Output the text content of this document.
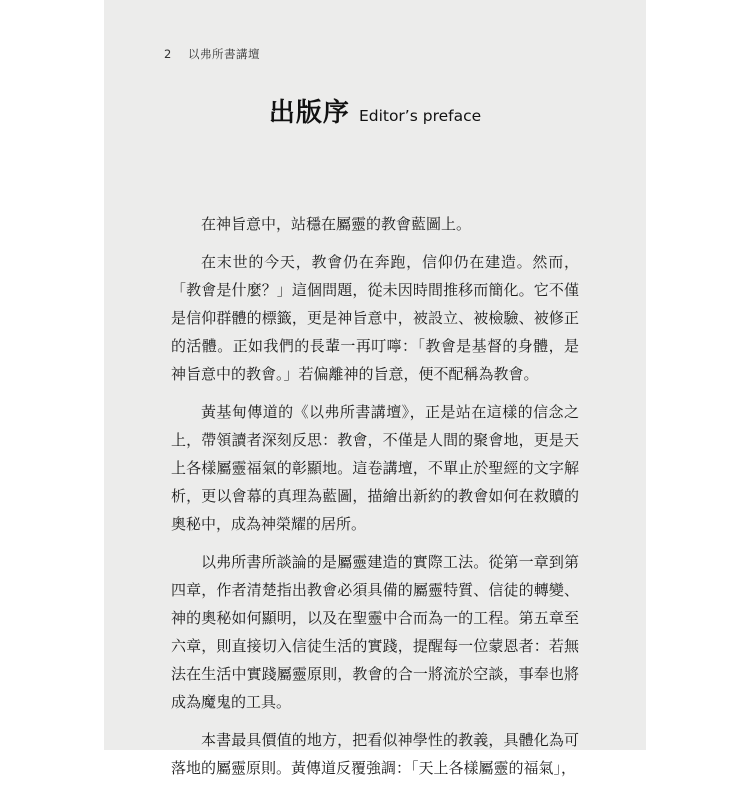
2 以弗所書講壇
出版序 Editor’s preface

在神旨意中，站穩在屬靈的教會藍圖上。

在末世的今天，教會仍在奔跑，信仰仍在建造。然而，「教會是什麼？」這個問題，從未因時間推移而簡化。它不僅是信仰群體的標籤，更是神旨意中，被設立、被檢驗、被修正的活體。正如我們的長輩一再叮嚀：「教會是基督的身體，是神旨意中的教會。」若偏離神的旨意，便不配稱為教會。

黃基甸傳道的《以弗所書講壇》，正是站在這樣的信念之上，帶領讀者深刻反思：教會，不僅是人間的聚會地，更是天上各樣屬靈福氣的彰顯地。這卷講壇，不單止於聖經的文字解析，更以會幕的真理為藍圖，描繪出新約的教會如何在救贖的奧秘中，成為神榮耀的居所。

以弗所書所談論的是屬靈建造的實際工法。從第一章到第四章，作者清楚指出教會必須具備的屬靈特質、信徒的轉變、神的奧秘如何顯明，以及在聖靈中合而為一的工程。第五章至六章，則直接切入信徒生活的實踐，提醒每一位蒙恩者：若無法在生活中實踐屬靈原則，教會的合一將流於空談，事奉也將成為魔鬼的工具。

本書最具價值的地方，把看似神學性的教義，具體化為可落地的屬靈原則。黃傳道反覆強調：「天上各樣屬靈的福氣」，
